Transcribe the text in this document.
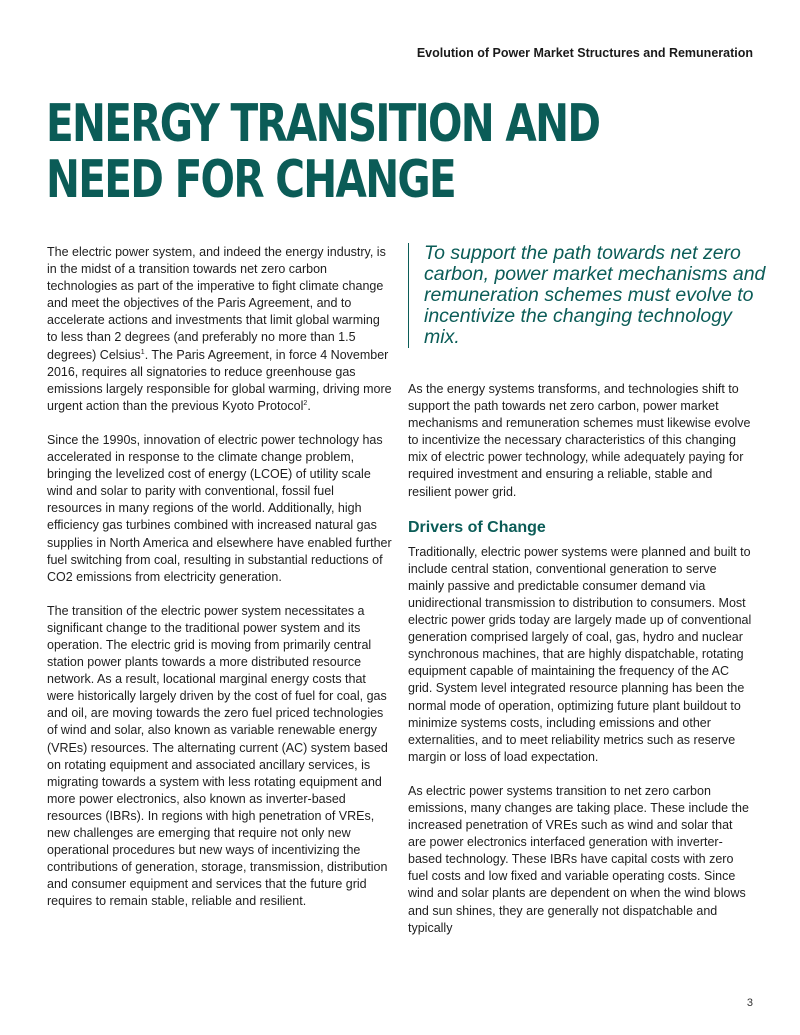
Evolution of Power Market Structures and Remuneration
ENERGY TRANSITION AND
NEED FOR CHANGE

The electric power system, and indeed the energy industry, is in the midst of a transition towards net zero carbon technologies as part of the imperative to fight climate change and meet the objectives of the Paris Agreement, and to accelerate actions and investments that limit global warming to less than 2 degrees (and preferably no more than 1.5 degrees) Celsius$^1$. The Paris Agreement, in force 4 November 2016, requires all signatories to reduce greenhouse gas emissions largely responsible for global warming, driving more urgent action than the previous Kyoto Protocol$^2$.

Since the 1990s, innovation of electric power technology has accelerated in response to the climate change problem, bringing the levelized cost of energy (LCOE) of utility scale wind and solar to parity with conventional, fossil fuel resources in many regions of the world. Additionally, high efficiency gas turbines combined with increased natural gas supplies in North America and elsewhere have enabled further fuel switching from coal, resulting in substantial reductions of CO2 emissions from electricity generation.

The transition of the electric power system necessitates a significant change to the traditional power system and its operation. The electric grid is moving from primarily central station power plants towards a more distributed resource network. As a result, locational marginal energy costs that were historically largely driven by the cost of fuel for coal, gas and oil, are moving towards the zero fuel priced technologies of wind and solar, also known as variable renewable energy (VREs) resources. The alternating current (AC) system based on rotating equipment and associated ancillary services, is migrating towards a system with less rotating equipment and more power electronics, also known as inverter-based resources (IBRs). In regions with high penetration of VREs, new challenges are emerging that require not only new operational procedures but new ways of incentivizing the contributions of generation, storage, transmission, distribution and consumer equipment and services that the future grid requires to remain stable, reliable and resilient.

To support the path towards net zero carbon, power market mechanisms and remuneration schemes must evolve to incentivize the changing technology mix.

As the energy systems transforms, and technologies shift to support the path towards net zero carbon, power market mechanisms and remuneration schemes must likewise evolve to incentivize the necessary characteristics of this changing mix of electric power technology, while adequately paying for required investment and ensuring a reliable, stable and resilient power grid.

Drivers of Change

Traditionally, electric power systems were planned and built to include central station, conventional generation to serve mainly passive and predictable consumer demand via unidirectional transmission to distribution to consumers. Most electric power grids today are largely made up of conventional generation comprised largely of coal, gas, hydro and nuclear synchronous machines, that are highly dispatchable, rotating equipment capable of maintaining the frequency of the AC grid. System level integrated resource planning has been the normal mode of operation, optimizing future plant buildout to minimize systems costs, including emissions and other externalities, and to meet reliability metrics such as reserve margin or loss of load expectation.

As electric power systems transition to net zero carbon emissions, many changes are taking place. These include the increased penetration of VREs such as wind and solar that are power electronics interfaced generation with inverter-based technology. These IBRs have capital costs with zero fuel costs and low fixed and variable operating costs. Since wind and solar plants are dependent on when the wind blows and sun shines, they are generally not dispatchable and typically

3
